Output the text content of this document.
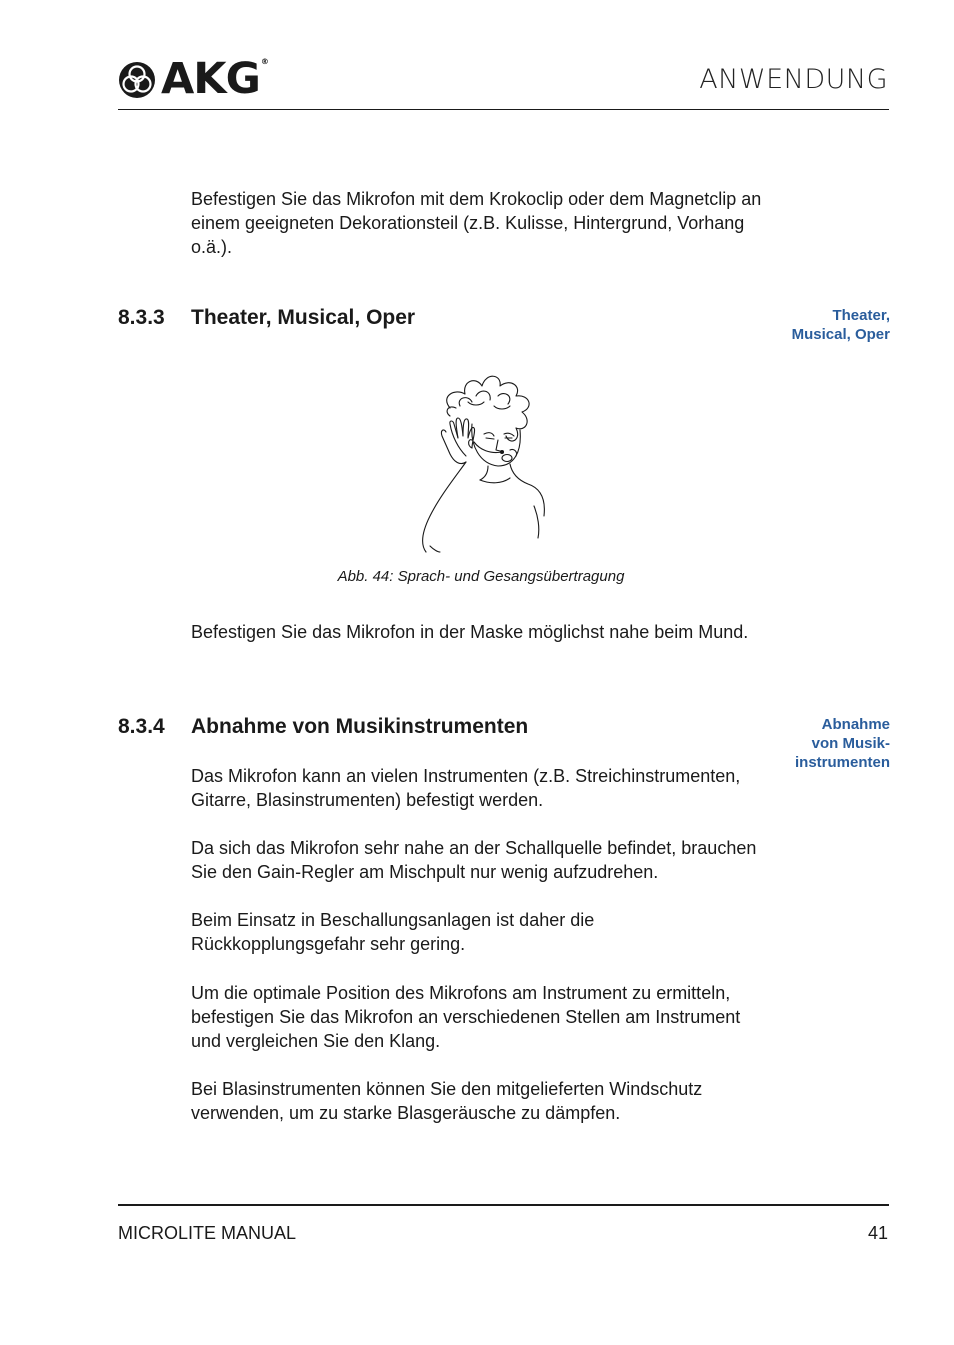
AKG®
ANWENDUNG

Befestigen Sie das Mikrofon mit dem Krokoclip oder dem Magnetclip an einem geeigneten Dekorationsteil (z.B. Kulisse, Hintergrund, Vorhang o.ä.).

8.3.3 Theater, Musical, Oper	Theater,
Musical, Oper
Abb. 44: Sprach- und Gesangsübertragung

Befestigen Sie das Mikrofon in der Maske möglichst nahe beim Mund.

8.3.4 Abnahme von Musikinstrumenten	Abnahme
von Musik-
instrumenten

Das Mikrofon kann an vielen Instrumenten (z.B. Streichinstrumenten, Gitarre, Blasinstrumenten) befestigt werden.

Da sich das Mikrofon sehr nahe an der Schallquelle befindet, brauchen Sie den Gain-Regler am Mischpult nur wenig aufzudrehen.

Beim Einsatz in Beschallungsanlagen ist daher die Rückkopplungsgefahr sehr gering.

Um die optimale Position des Mikrofons am Instrument zu ermitteln, befestigen Sie das Mikrofon an verschiedenen Stellen am Instrument und vergleichen Sie den Klang.

Bei Blasinstrumenten können Sie den mitgelieferten Windschutz verwenden, um zu starke Blasgeräusche zu dämpfen.

MICROLITE MANUAL	41
